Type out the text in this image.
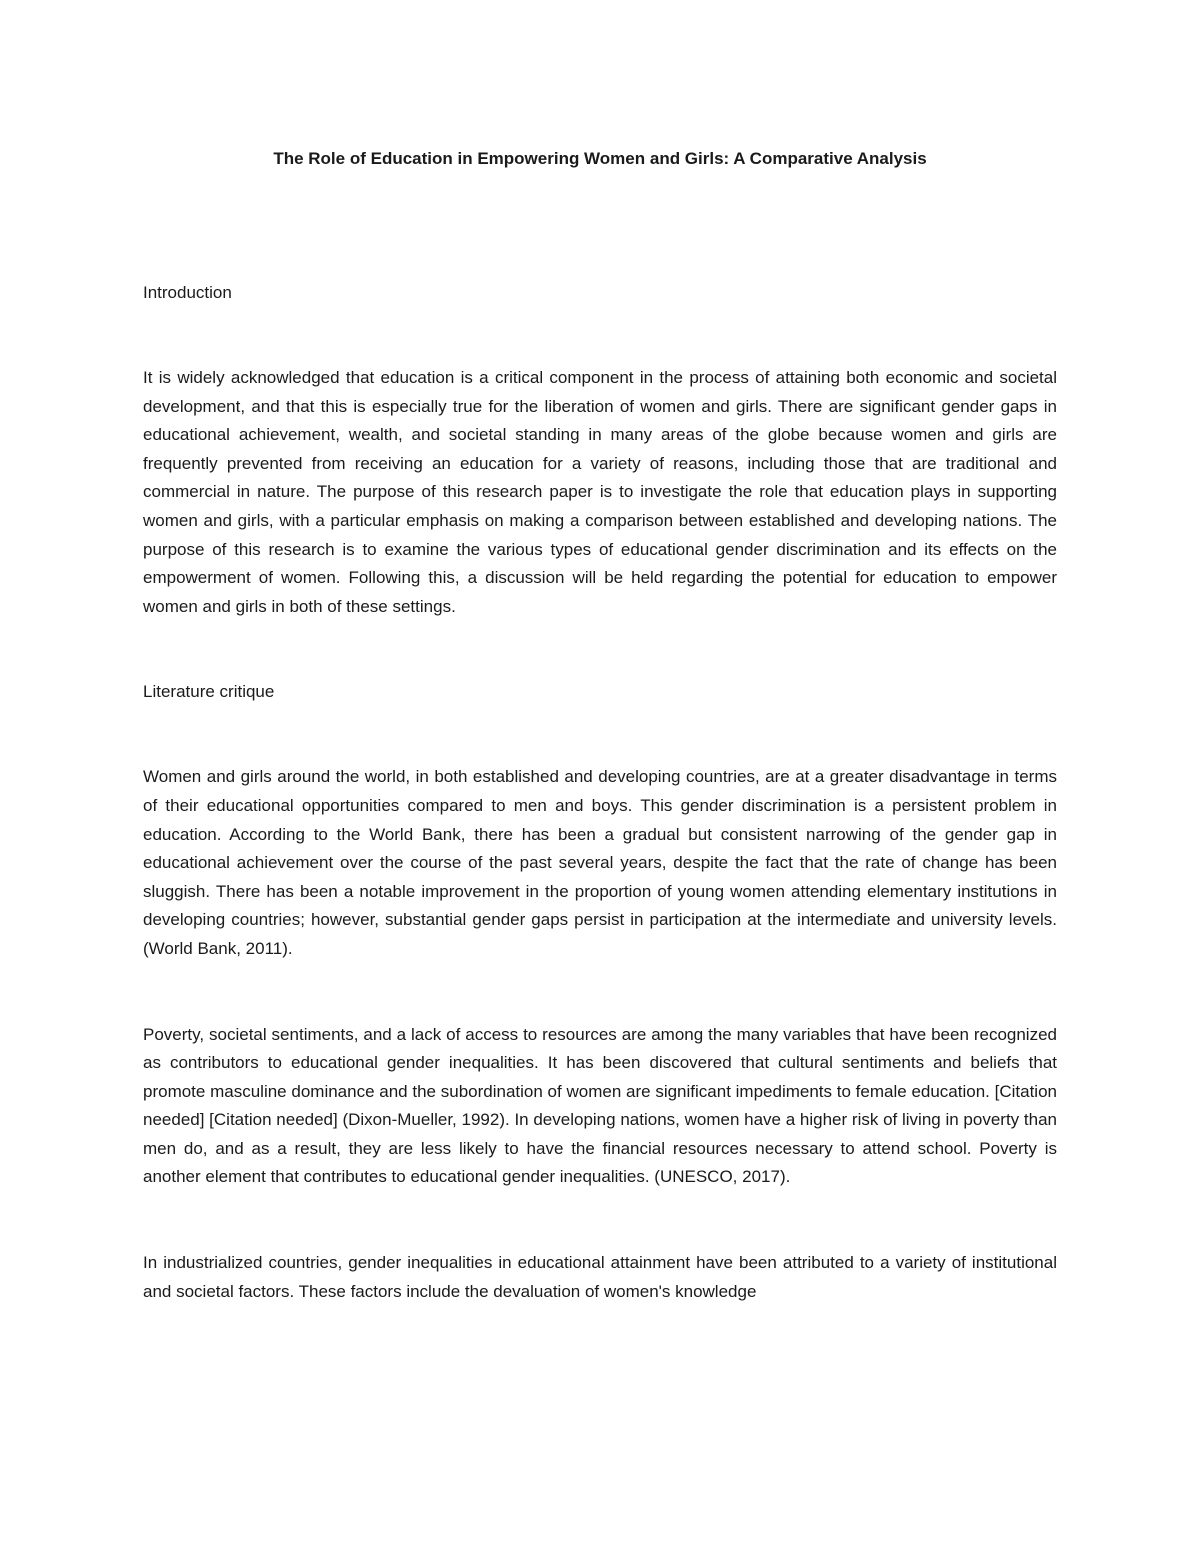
The Role of Education in Empowering Women and Girls: A Comparative Analysis
Introduction

It is widely acknowledged that education is a critical component in the process of attaining both economic and societal development, and that this is especially true for the liberation of women and girls. There are significant gender gaps in educational achievement, wealth, and societal standing in many areas of the globe because women and girls are frequently prevented from receiving an education for a variety of reasons, including those that are traditional and commercial in nature. The purpose of this research paper is to investigate the role that education plays in supporting women and girls, with a particular emphasis on making a comparison between established and developing nations. The purpose of this research is to examine the various types of educational gender discrimination and its effects on the empowerment of women. Following this, a discussion will be held regarding the potential for education to empower women and girls in both of these settings.

Literature critique

Women and girls around the world, in both established and developing countries, are at a greater disadvantage in terms of their educational opportunities compared to men and boys. This gender discrimination is a persistent problem in education. According to the World Bank, there has been a gradual but consistent narrowing of the gender gap in educational achievement over the course of the past several years, despite the fact that the rate of change has been sluggish. There has been a notable improvement in the proportion of young women attending elementary institutions in developing countries; however, substantial gender gaps persist in participation at the intermediate and university levels. (World Bank, 2011).

Poverty, societal sentiments, and a lack of access to resources are among the many variables that have been recognized as contributors to educational gender inequalities. It has been discovered that cultural sentiments and beliefs that promote masculine dominance and the subordination of women are significant impediments to female education. [Citation needed] [Citation needed] (Dixon-Mueller, 1992). In developing nations, women have a higher risk of living in poverty than men do, and as a result, they are less likely to have the financial resources necessary to attend school. Poverty is another element that contributes to educational gender inequalities. (UNESCO, 2017).

In industrialized countries, gender inequalities in educational attainment have been attributed to a variety of institutional and societal factors. These factors include the devaluation of women's knowledge
